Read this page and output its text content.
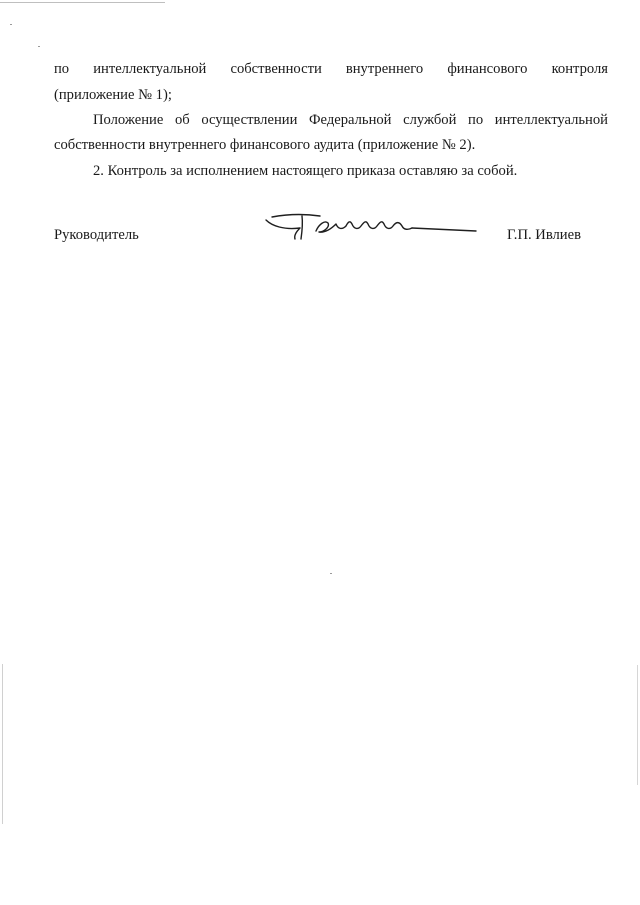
по интеллектуальной собственности внутреннего финансового контроля
(приложение № 1);
Положение об осуществлении Федеральной службой по интеллектуальной
собственности внутреннего финансового аудита (приложение № 2).
2. Контроль за исполнением настоящего приказа оставляю за собой.
Руководитель	Г.П. Ивлиев
